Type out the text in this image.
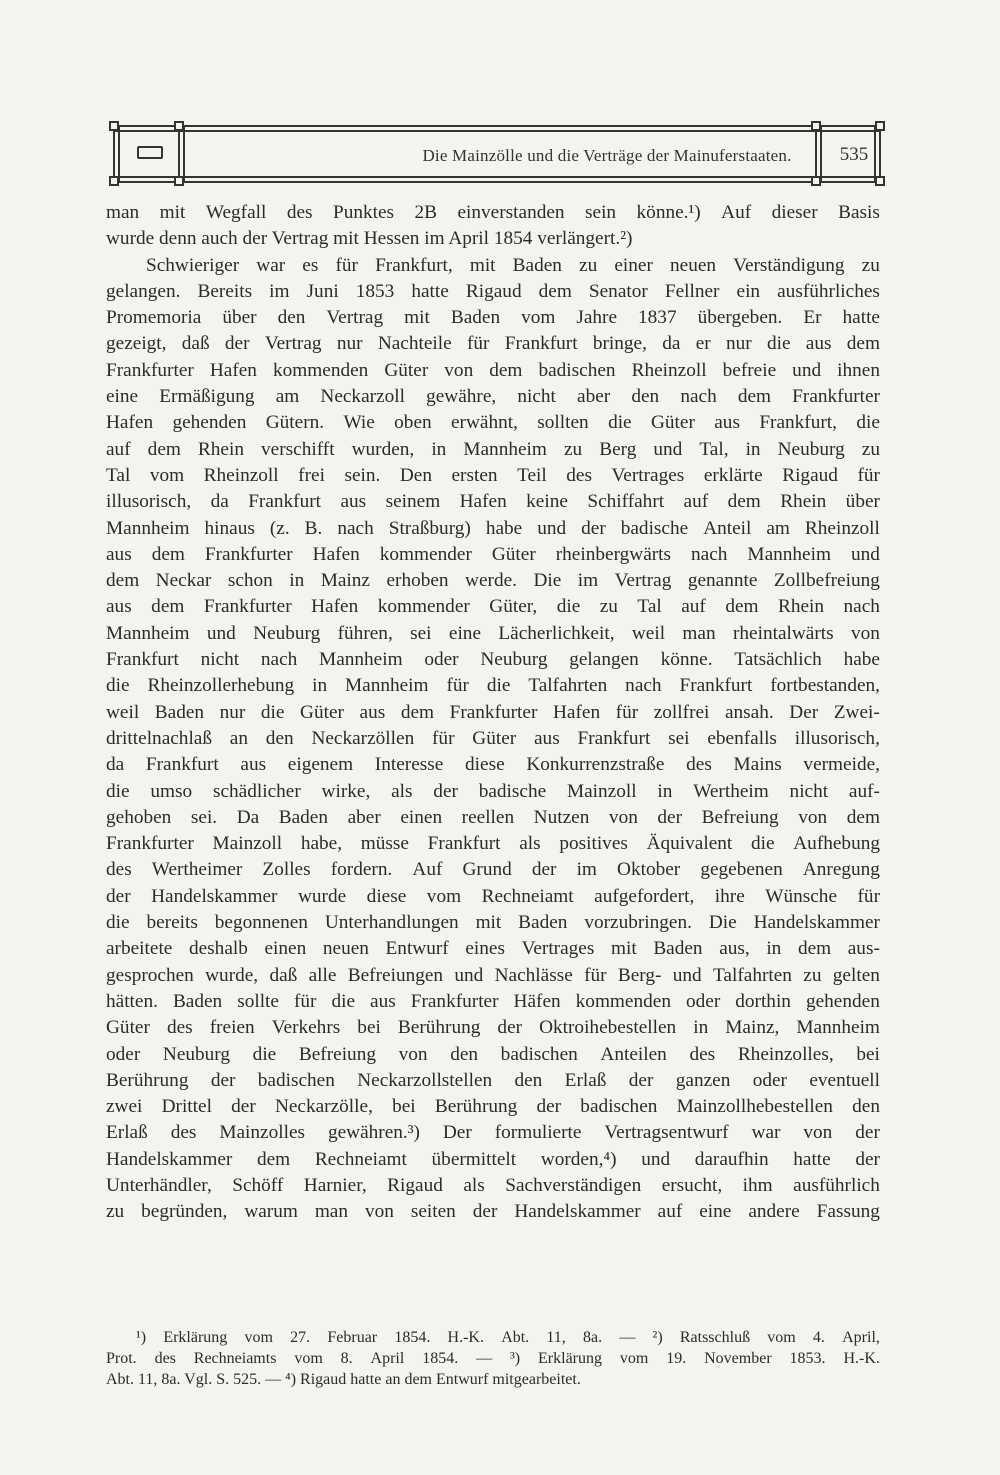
Die Mainzölle und die Verträge der Mainuferstaaten.	535
man mit Wegfall des Punktes 2B einverstanden sein könne.¹) Auf dieser Basis
wurde denn auch der Vertrag mit Hessen im April 1854 verlängert.²)
Schwieriger war es für Frankfurt, mit Baden zu einer neuen Verständigung zu
gelangen. Bereits im Juni 1853 hatte Rigaud dem Senator Fellner ein ausführliches
Promemoria über den Vertrag mit Baden vom Jahre 1837 übergeben. Er hatte
gezeigt, daß der Vertrag nur Nachteile für Frankfurt bringe, da er nur die aus dem
Frankfurter Hafen kommenden Güter von dem badischen Rheinzoll befreie und ihnen
eine Ermäßigung am Neckarzoll gewähre, nicht aber den nach dem Frankfurter
Hafen gehenden Gütern. Wie oben erwähnt, sollten die Güter aus Frankfurt, die
auf dem Rhein verschifft wurden, in Mannheim zu Berg und Tal, in Neuburg zu
Tal vom Rheinzoll frei sein. Den ersten Teil des Vertrages erklärte Rigaud für
illusorisch, da Frankfurt aus seinem Hafen keine Schiffahrt auf dem Rhein über
Mannheim hinaus (z. B. nach Straßburg) habe und der badische Anteil am Rheinzoll
aus dem Frankfurter Hafen kommender Güter rheinbergwärts nach Mannheim und
dem Neckar schon in Mainz erhoben werde. Die im Vertrag genannte Zollbefreiung
aus dem Frankfurter Hafen kommender Güter, die zu Tal auf dem Rhein nach
Mannheim und Neuburg führen, sei eine Lächerlichkeit, weil man rheintalwärts von
Frankfurt nicht nach Mannheim oder Neuburg gelangen könne. Tatsächlich habe
die Rheinzollerhebung in Mannheim für die Talfahrten nach Frankfurt fortbestanden,
weil Baden nur die Güter aus dem Frankfurter Hafen für zollfrei ansah. Der Zwei-
drittelnachlaß an den Neckarzöllen für Güter aus Frankfurt sei ebenfalls illusorisch,
da Frankfurt aus eigenem Interesse diese Konkurrenzstraße des Mains vermeide,
die umso schädlicher wirke, als der badische Mainzoll in Wertheim nicht auf-
gehoben sei. Da Baden aber einen reellen Nutzen von der Befreiung von dem
Frankfurter Mainzoll habe, müsse Frankfurt als positives Äquivalent die Aufhebung
des Wertheimer Zolles fordern. Auf Grund der im Oktober gegebenen Anregung
der Handelskammer wurde diese vom Rechneiamt aufgefordert, ihre Wünsche für
die bereits begonnenen Unterhandlungen mit Baden vorzubringen. Die Handelskammer
arbeitete deshalb einen neuen Entwurf eines Vertrages mit Baden aus, in dem aus-
gesprochen wurde, daß alle Befreiungen und Nachlässe für Berg- und Talfahrten zu gelten
hätten. Baden sollte für die aus Frankfurter Häfen kommenden oder dorthin gehenden
Güter des freien Verkehrs bei Berührung der Oktroihebestellen in Mainz, Mannheim
oder Neuburg die Befreiung von den badischen Anteilen des Rheinzolles, bei
Berührung der badischen Neckarzollstellen den Erlaß der ganzen oder eventuell
zwei Drittel der Neckarzölle, bei Berührung der badischen Mainzollhebestellen den
Erlaß des Mainzolles gewähren.³) Der formulierte Vertragsentwurf war von der
Handelskammer dem Rechneiamt übermittelt worden,⁴) und daraufhin hatte der
Unterhändler, Schöff Harnier, Rigaud als Sachverständigen ersucht, ihm ausführlich
zu begründen, warum man von seiten der Handelskammer auf eine andere Fassung
¹) Erklärung vom 27. Februar 1854. H.-K. Abt. 11, 8a. — ²) Ratsschluß vom 4. April,
Prot. des Rechneiamts vom 8. April 1854. — ³) Erklärung vom 19. November 1853. H.-K.
Abt. 11, 8a. Vgl. S. 525. — ⁴) Rigaud hatte an dem Entwurf mitgearbeitet.
